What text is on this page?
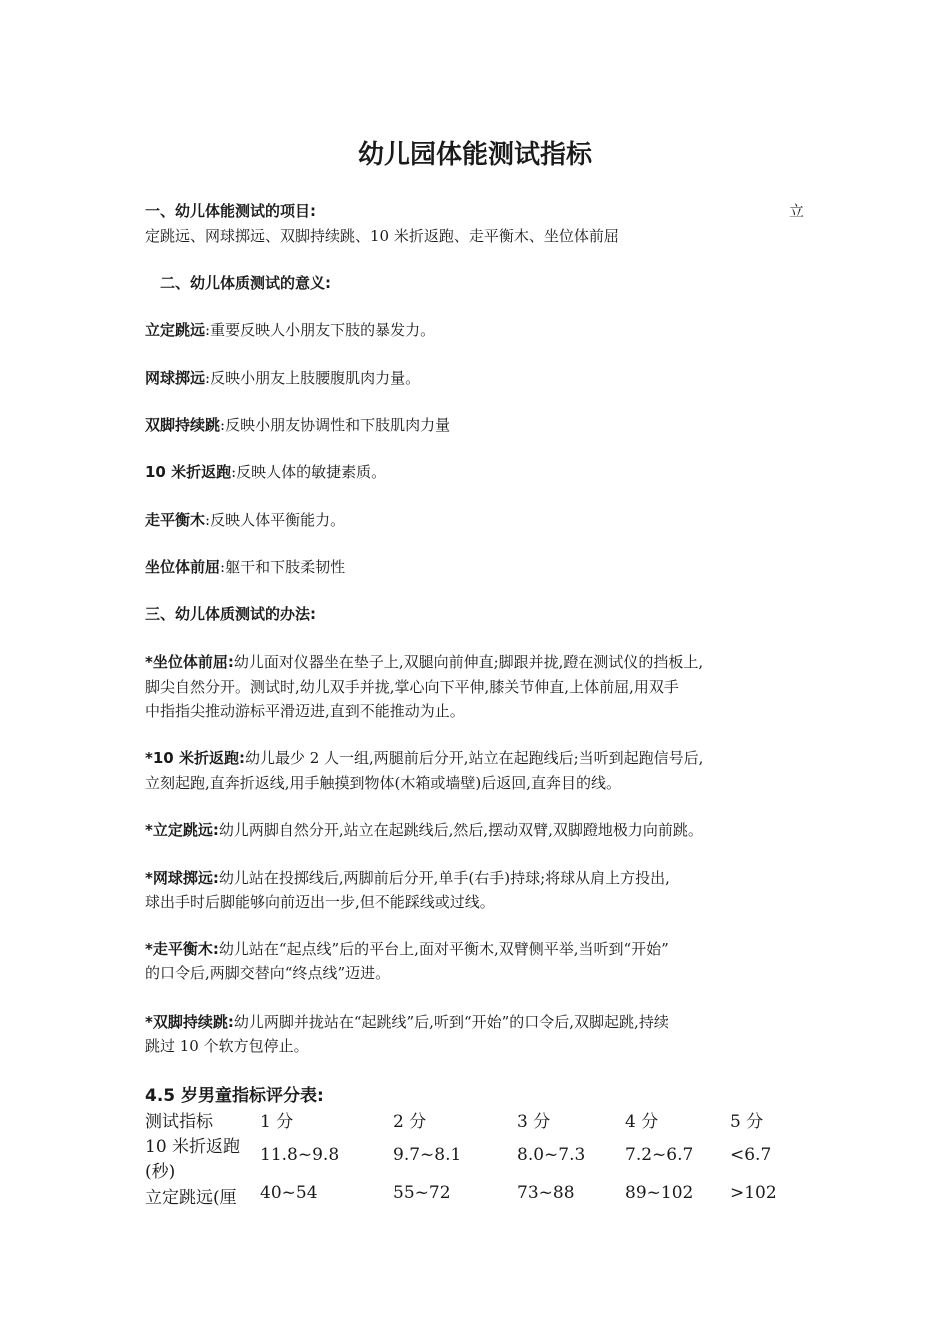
幼儿园体能测试指标
一、幼儿体能测试的项目:	立
定跳远、网球掷远、双脚持续跳、10 米折返跑、走平衡木、坐位体前屈
二、幼儿体质测试的意义:
立定跳远:重要反映人小朋友下肢的暴发力。
网球掷远:反映小朋友上肢腰腹肌肉力量。
双脚持续跳:反映小朋友协调性和下肢肌肉力量
10 米折返跑:反映人体的敏捷素质。
走平衡木:反映人体平衡能力。
坐位体前屈:躯干和下肢柔韧性
三、幼儿体质测试的办法:
*坐位体前屈:幼儿面对仪器坐在垫子上,双腿向前伸直;脚跟并拢,蹬在测试仪的挡板上,
脚尖自然分开。测试时,幼儿双手并拢,掌心向下平伸,膝关节伸直,上体前屈,用双手
中指指尖推动游标平滑迈进,直到不能推动为止。
*10 米折返跑:幼儿最少 2 人一组,两腿前后分开,站立在起跑线后;当听到起跑信号后,
立刻起跑,直奔折返线,用手触摸到物体(木箱或墙壁)后返回,直奔目的线。
*立定跳远:幼儿两脚自然分开,站立在起跳线后,然后,摆动双臂,双脚蹬地极力向前跳。
*网球掷远:幼儿站在投掷线后,两脚前后分开,单手(右手)持球;将球从肩上方投出,
球出手时后脚能够向前迈出一步,但不能踩线或过线。
*走平衡木:幼儿站在“起点线”后的平台上,面对平衡木,双臂侧平举,当听到“开始”
的口令后,两脚交替向“终点线”迈进。
*双脚持续跳:幼儿两脚并拢站在“起跳线”后,听到“开始”的口令后,双脚起跳,持续
跳过 10 个软方包停止。
4.5 岁男童指标评分表:
测试指标	1 分	2 分	3 分	4 分	5 分
10 米折返跑
(秒)
11.8~9.8	9.7~8.1	8.0~7.3 7.2~6.7 <6.7
立定跳远(厘 40~54	55~72	73~88	89~102 >102
